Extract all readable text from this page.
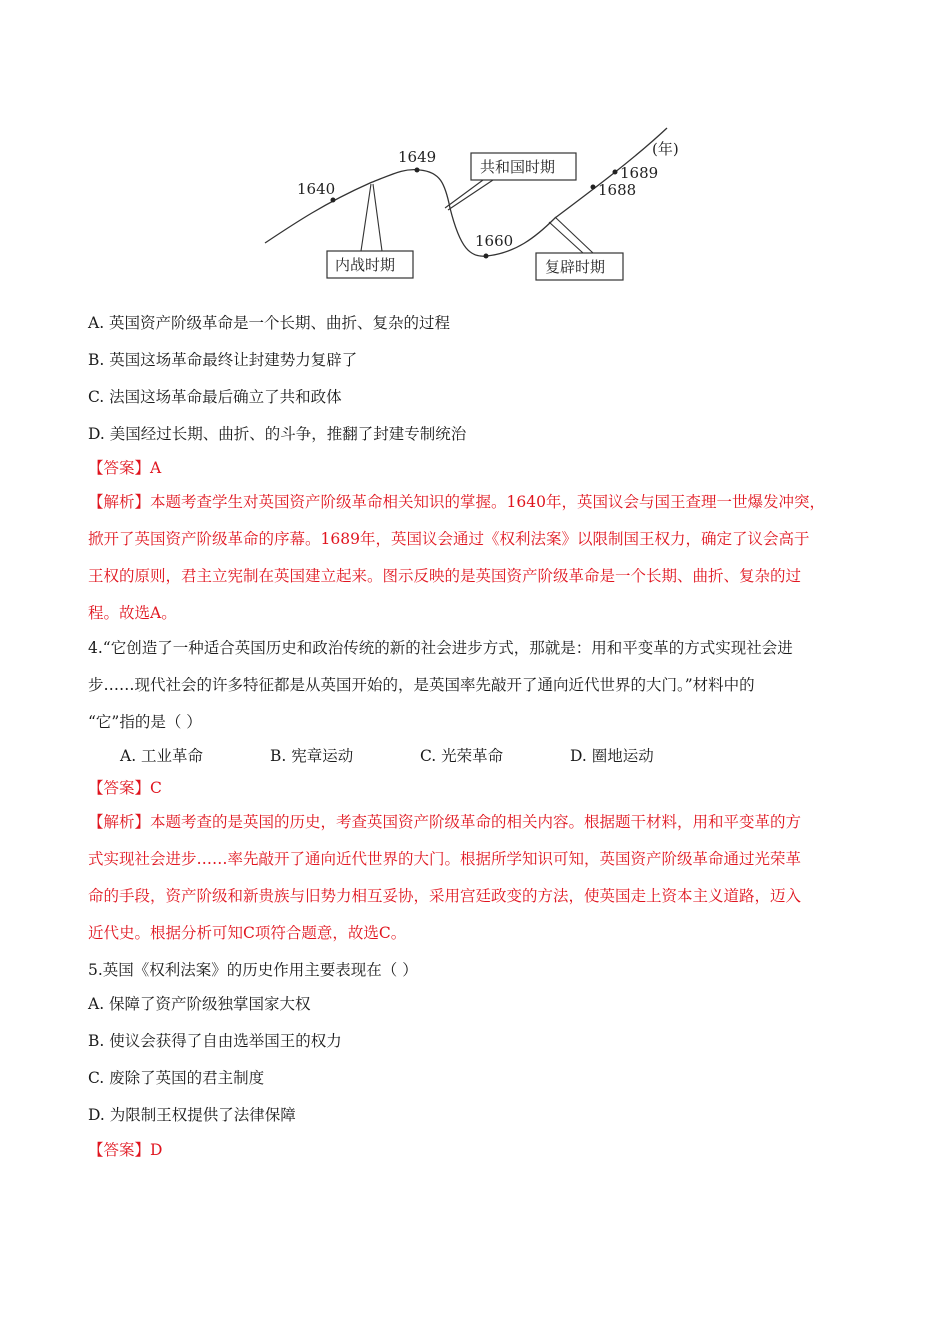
1640
1649
1660
1688
1689
(年)
共和国时期
内战时期	复辟时期
A. 英国资产阶级革命是一个长期、曲折、复杂的过程
B. 英国这场革命最终让封建势力复辟了
C. 法国这场革命最后确立了共和政体
D. 美国经过长期、曲折、的斗争，推翻了封建专制统治
【答案】A
【解析】本题考查学生对英国资产阶级革命相关知识的掌握。1640年，英国议会与国王查理一世爆发冲突，
掀开了英国资产阶级革命的序幕。1689年，英国议会通过《权利法案》以限制国王权力，确定了议会高于
王权的原则，君主立宪制在英国建立起来。图示反映的是英国资产阶级革命是一个长期、曲折、复杂的过
程。故选A。
4.“它创造了一种适合英国历史和政治传统的新的社会进步方式，那就是：用和平变革的方式实现社会进
步……现代社会的许多特征都是从英国开始的，是英国率先敲开了通向近代世界的大门。”材料中的
“它”指的是（ ）
A. 工业革命	B. 宪章运动	C. 光荣革命	D. 圈地运动
【答案】C
【解析】本题考查的是英国的历史，考查英国资产阶级革命的相关内容。根据题干材料，用和平变革的方
式实现社会进步……率先敲开了通向近代世界的大门。根据所学知识可知，英国资产阶级革命通过光荣革
命的手段，资产阶级和新贵族与旧势力相互妥协，采用宫廷政变的方法，使英国走上资本主义道路，迈入
近代史。根据分析可知C项符合题意，故选C。
5.英国《权利法案》的历史作用主要表现在（ ）
A. 保障了资产阶级独掌国家大权
B. 使议会获得了自由选举国王的权力
C. 废除了英国的君主制度
D. 为限制王权提供了法律保障
【答案】D
